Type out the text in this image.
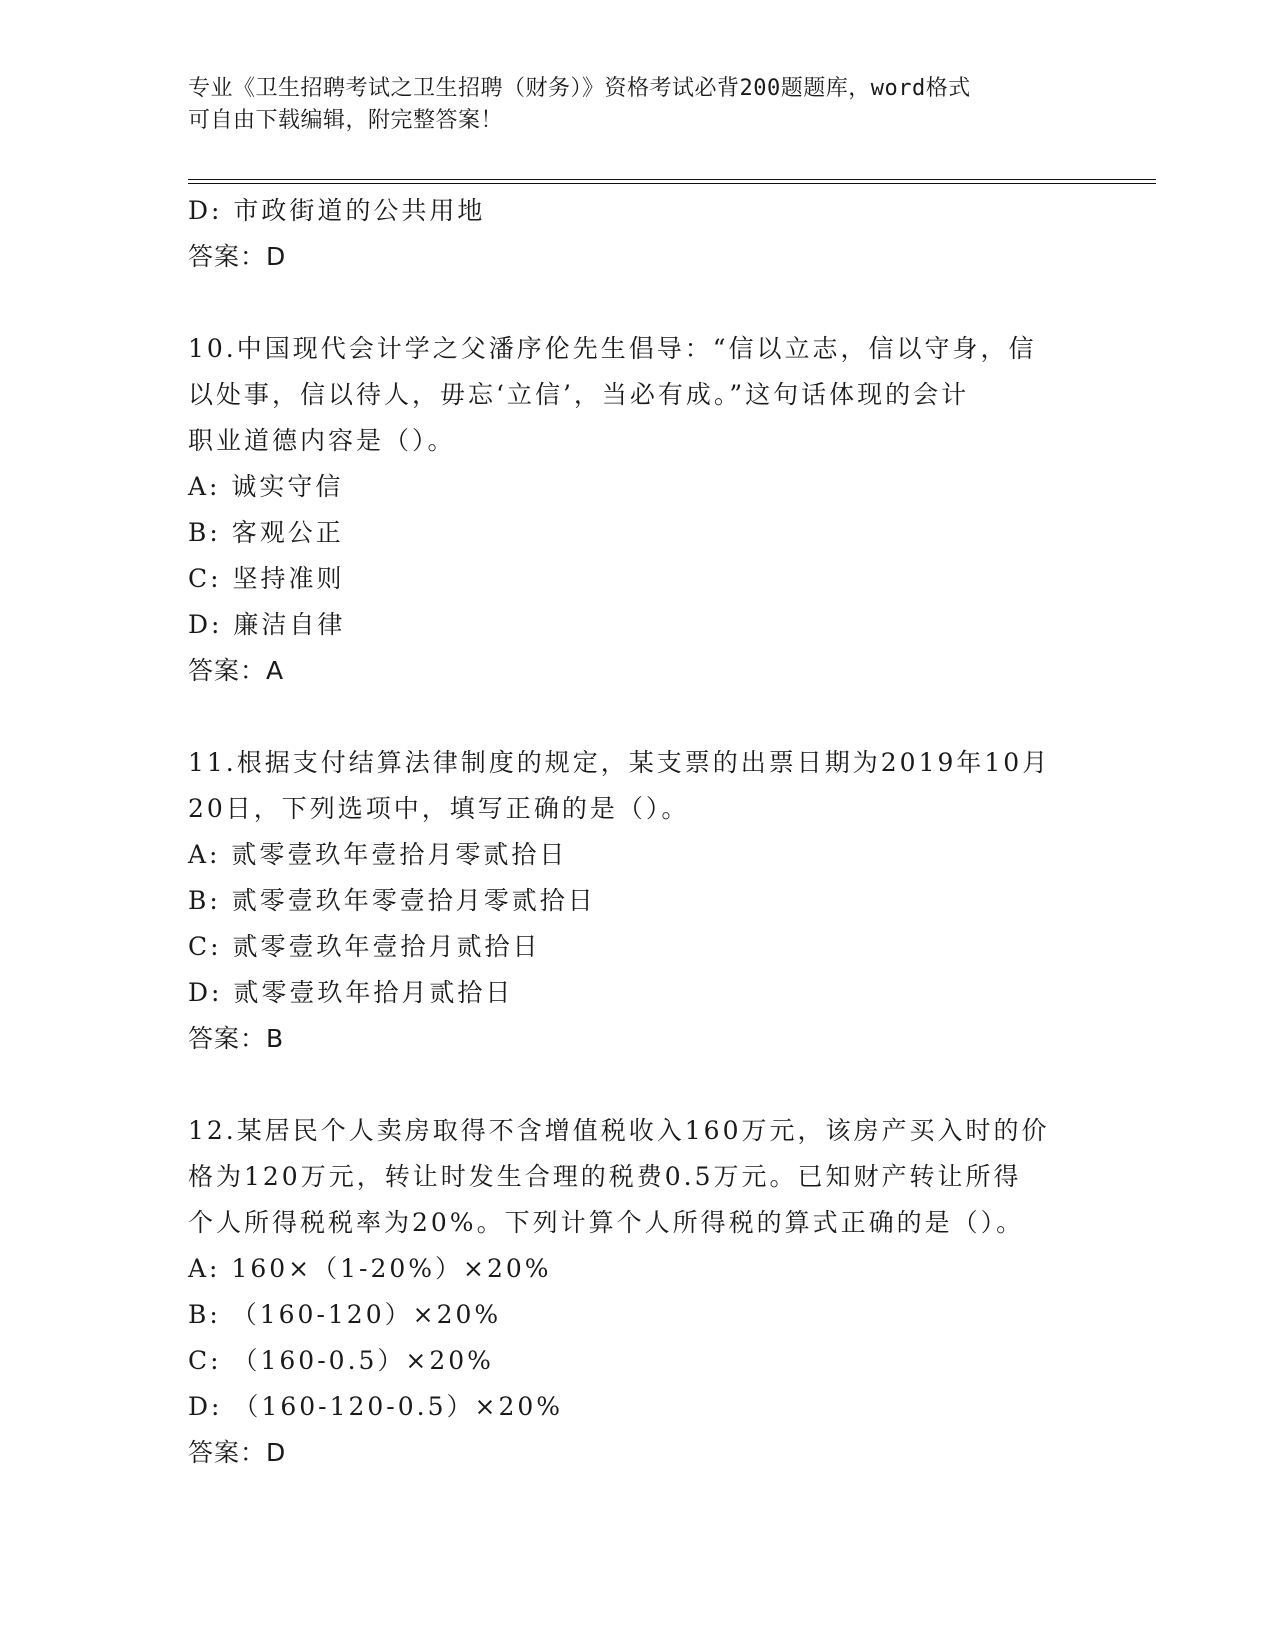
专业《卫生招聘考试之卫生招聘（财务）》资格考试必背200题题库，word格式
可自由下载编辑，附完整答案！
D: 市政街道的公共用地
答案：D
10.中国现代会计学之父潘序伦先生倡导：“信以立志，信以守身，信
以处事，信以待人，毋忘‘立信’，当必有成。”这句话体现的会计
职业道德内容是（）。
A: 诚实守信
B: 客观公正
C: 坚持准则
D: 廉洁自律
答案：A
11.根据支付结算法律制度的规定，某支票的出票日期为2019年10月
20日，下列选项中，填写正确的是（）。
A: 贰零壹玖年壹拾月零贰拾日
B: 贰零壹玖年零壹拾月零贰拾日
C: 贰零壹玖年壹拾月贰拾日
D: 贰零壹玖年拾月贰拾日
答案：B
12.某居民个人卖房取得不含增值税收入160万元，该房产买入时的价
格为120万元，转让时发生合理的税费0.5万元。已知财产转让所得
个人所得税税率为20%。下列计算个人所得税的算式正确的是（）。
A: 160×（1-20%）×20%
B: （160-120）×20%
C: （160-0.5）×20%
D: （160-120-0.5）×20%
答案：D
